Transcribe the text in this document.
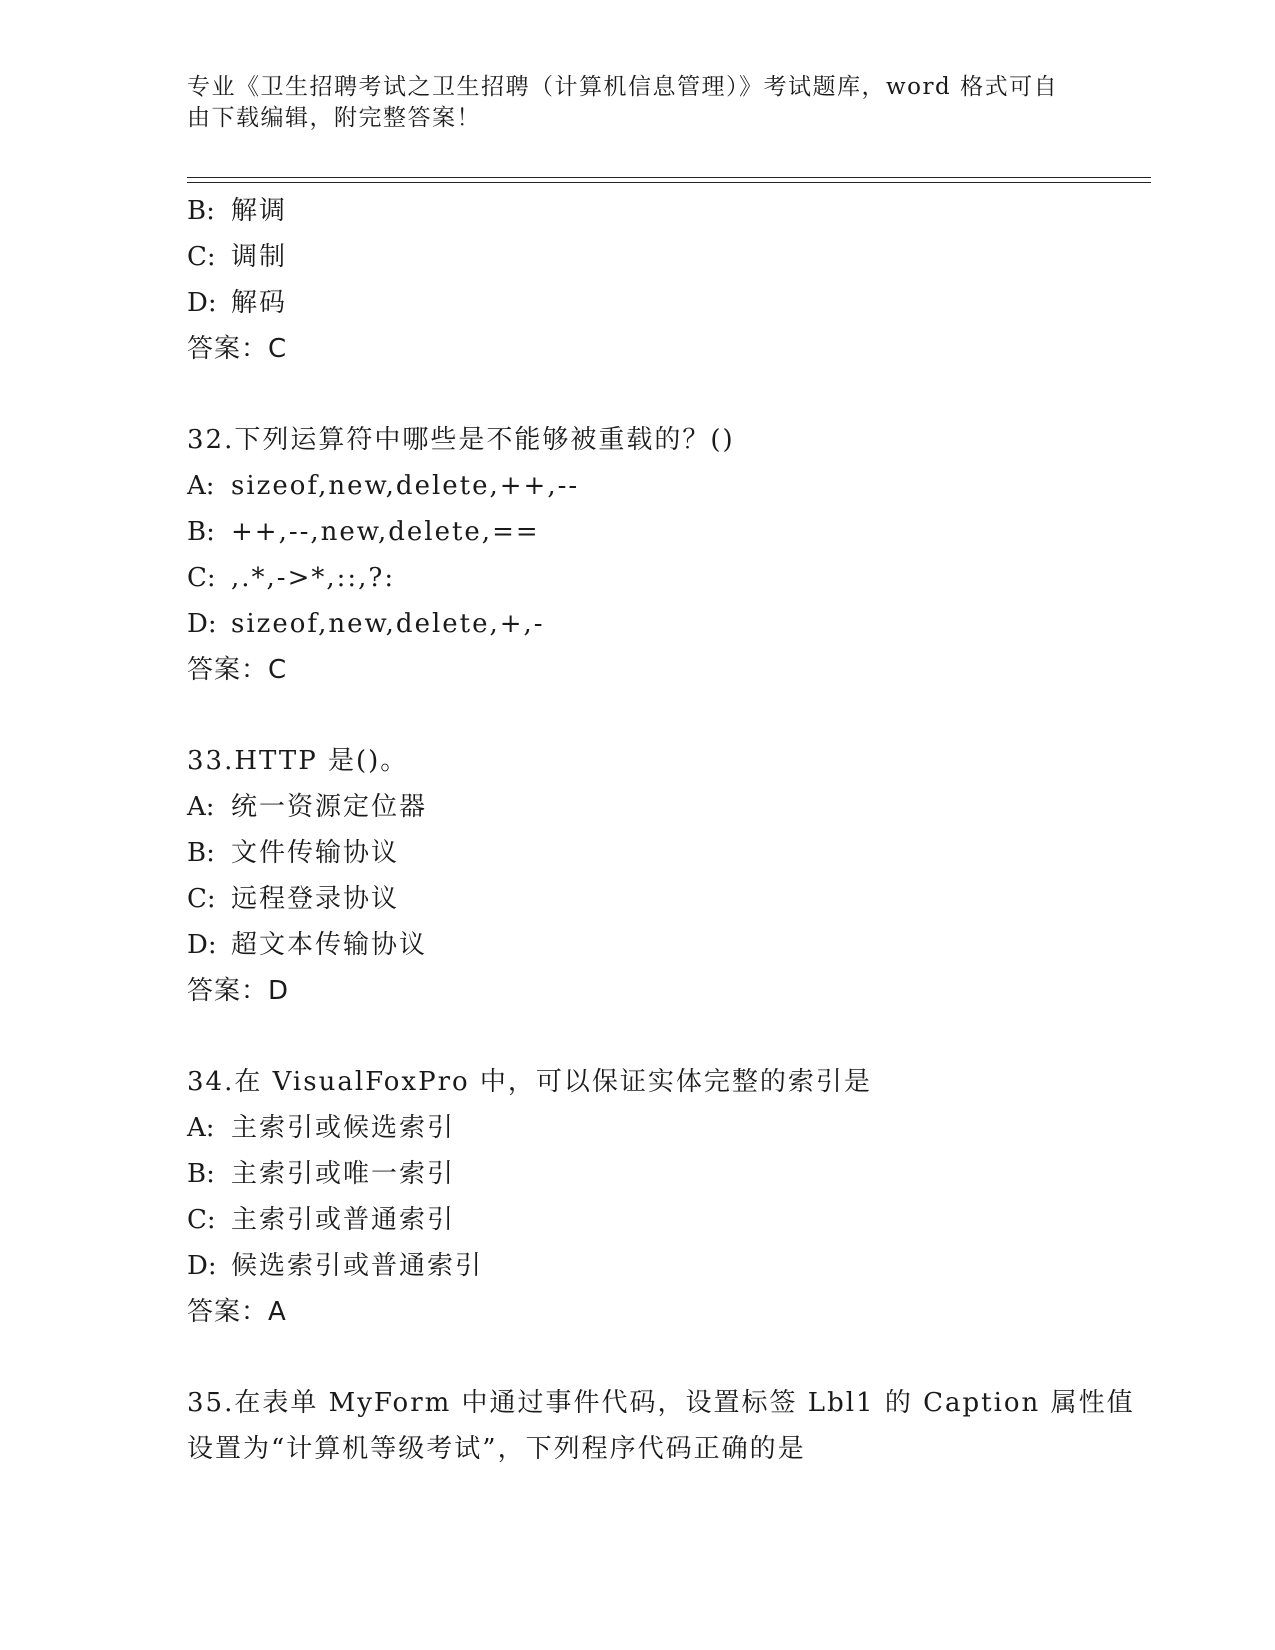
专业《卫生招聘考试之卫生招聘（计算机信息管理）》考试题库，word 格式可自
由下载编辑，附完整答案！
B: 解调
C: 调制
D: 解码
答案：C
32.下列运算符中哪些是不能够被重载的？()
A: sizeof,new,delete,++,--
B: ++,--,new,delete,==
C: ,.*,->*,::,?:
D: sizeof,new,delete,+,-
答案：C
33.HTTP 是()。
A: 统一资源定位器
B: 文件传输协议
C: 远程登录协议
D: 超文本传输协议
答案：D
34.在 VisualFoxPro 中，可以保证实体完整的索引是
A: 主索引或候选索引
B: 主索引或唯一索引
C: 主索引或普通索引
D: 候选索引或普通索引
答案：A
35.在表单 MyForm 中通过事件代码，设置标签 Lbl1 的 Caption 属性值
设置为“计算机等级考试”，下列程序代码正确的是
